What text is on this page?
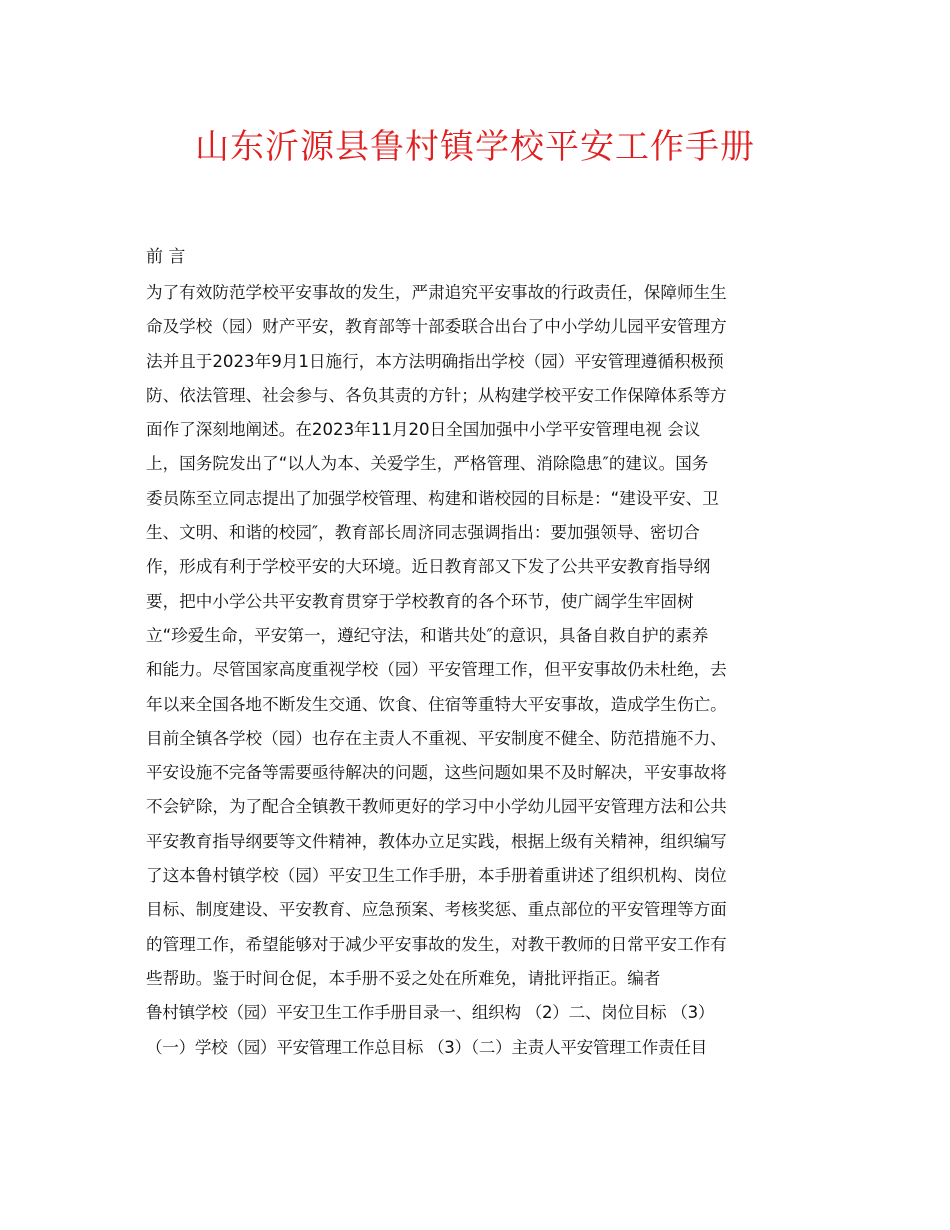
山东沂源县鲁村镇学校平安工作手册
前 言
为了有效防范学校平安事故的发生，严肃追究平安事故的行政责任，保障师生生
命及学校（园）财产平安，教育部等十部委联合出台了中小学幼儿园平安管理方
法并且于2023年9月1日施行，本方法明确指出学校（园）平安管理遵循积极预
防、依法管理、社会参与、各负其责的方针；从构建学校平安工作保障体系等方
面作了深刻地阐述。在2023年11月20日全国加强中小学平安管理电视 会议
上，国务院发出了“以人为本、关爱学生，严格管理、消除隐患″的建议。国务
委员陈至立同志提出了加强学校管理、构建和谐校园的目标是：“建设平安、卫
生、文明、和谐的校园″，教育部长周济同志强调指出：要加强领导、密切合
作，形成有利于学校平安的大环境。近日教育部又下发了公共平安教育指导纲
要，把中小学公共平安教育贯穿于学校教育的各个环节，使广阔学生牢固树
立“珍爱生命，平安第一，遵纪守法，和谐共处″的意识，具备自救自护的素养
和能力。尽管国家高度重视学校（园）平安管理工作，但平安事故仍未杜绝，去
年以来全国各地不断发生交通、饮食、住宿等重特大平安事故，造成学生伤亡。
目前全镇各学校（园）也存在主责人不重视、平安制度不健全、防范措施不力、
平安设施不完备等需要亟待解决的问题，这些问题如果不及时解决，平安事故将
不会铲除，为了配合全镇教干教师更好的学习中小学幼儿园平安管理方法和公共
平安教育指导纲要等文件精神，教体办立足实践，根据上级有关精神，组织编写
了这本鲁村镇学校（园）平安卫生工作手册，本手册着重讲述了组织机构、岗位
目标、制度建设、平安教育、应急预案、考核奖惩、重点部位的平安管理等方面
的管理工作，希望能够对于减少平安事故的发生，对教干教师的日常平安工作有
些帮助。鉴于时间仓促，本手册不妥之处在所难免，请批评指正。编者
鲁村镇学校（园）平安卫生工作手册目录一、组织构 （2）二、岗位目标 （3）
（一）学校（园）平安管理工作总目标 （3）（二）主责人平安管理工作责任目
